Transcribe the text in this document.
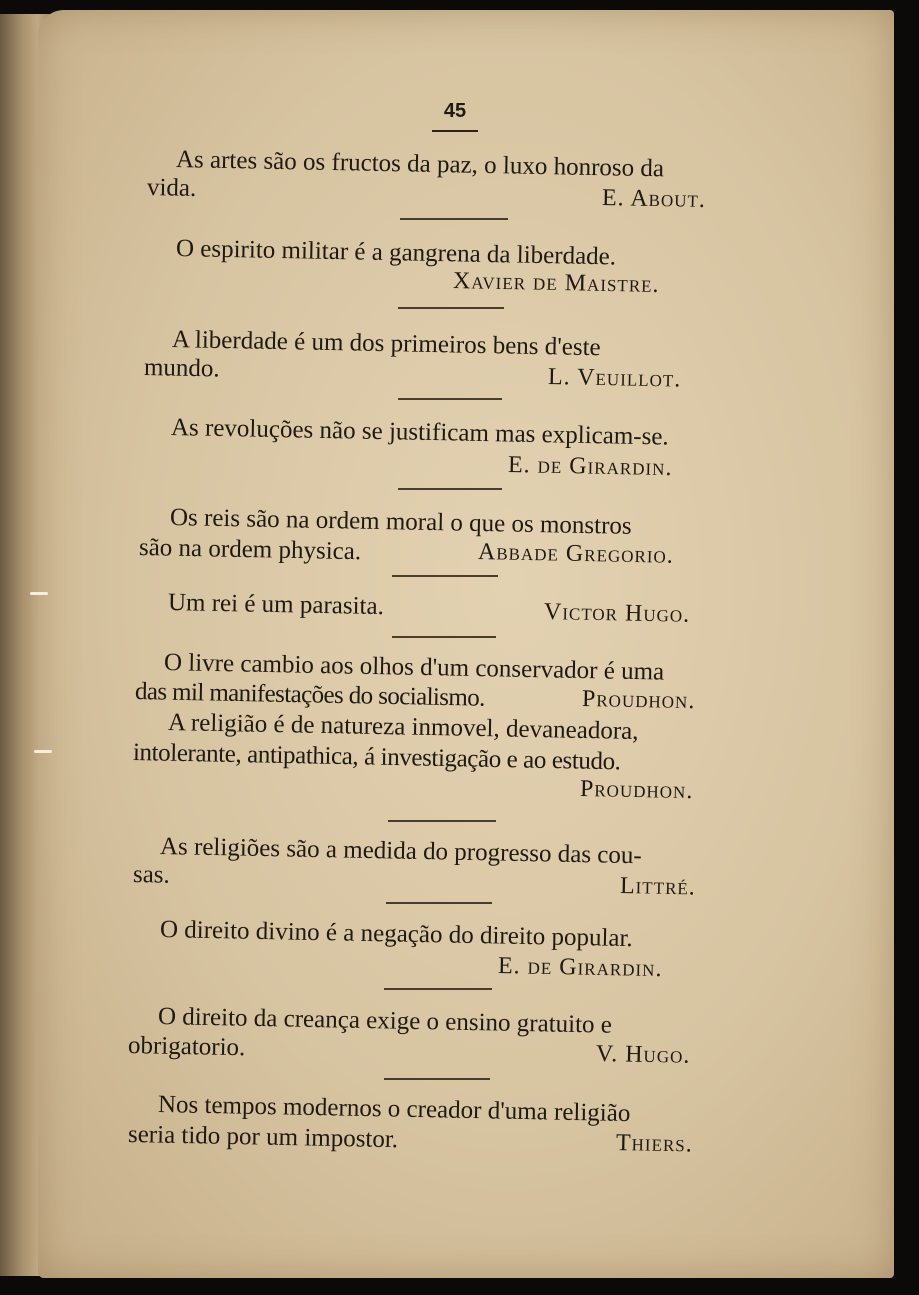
45
As artes são os fructos da paz, o luxo honroso da
vida.	E. About.
O espirito militar é a gangrena da liberdade.
Xavier de Maistre.
A liberdade é um dos primeiros bens d'este
mundo.	L. Veuillot.
As revoluções não se justificam mas explicam-se.
E. de Girardin.
Os reis são na ordem moral o que os monstros
são na ordem physica.	Abbade Gregorio.
Um rei é um parasita.	Victor Hugo.
O livre cambio aos olhos d'um conservador é uma
das mil manifestações do socialismo.	Proudhon.
A religião é de natureza inmovel, devaneadora,
intolerante, antipathica, á investigação e ao estudo.
Proudhon.
As religiões são a medida do progresso das cou-
sas.	Littré.
O direito divino é a negação do direito popular.
E. de Girardin.
O direito da creança exige o ensino gratuito e
obrigatorio.	V. Hugo.
Nos tempos modernos o creador d'uma religião
seria tido por um impostor.	Thiers.
